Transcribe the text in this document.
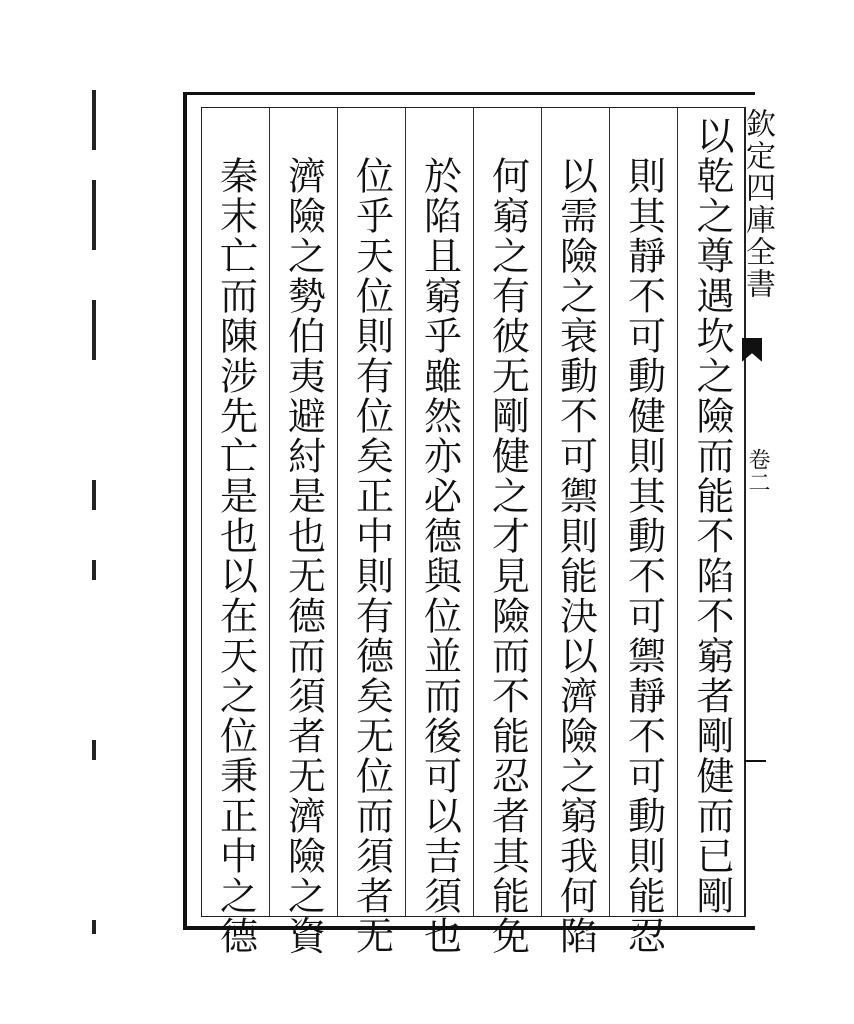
秦末亡而陳涉先亡是也以在天之位秉正中之德 濟險之勢伯夷避紂是也无德而須者无濟險之資 位乎天位則有位矣正中則有德矣无位而須者无 於陷且窮乎雖然亦必德與位並而後可以吉須也 何窮之有彼无剛健之才見險而不能忍者其能免 以需險之衰動不可禦則能決以濟險之窮我何陷 則其靜不可動健則其動不可禦靜不可動則能忍 以乾之尊遇坎之險而能不陷不窮者剛健而已剛 欽定四庫全書
卷二
